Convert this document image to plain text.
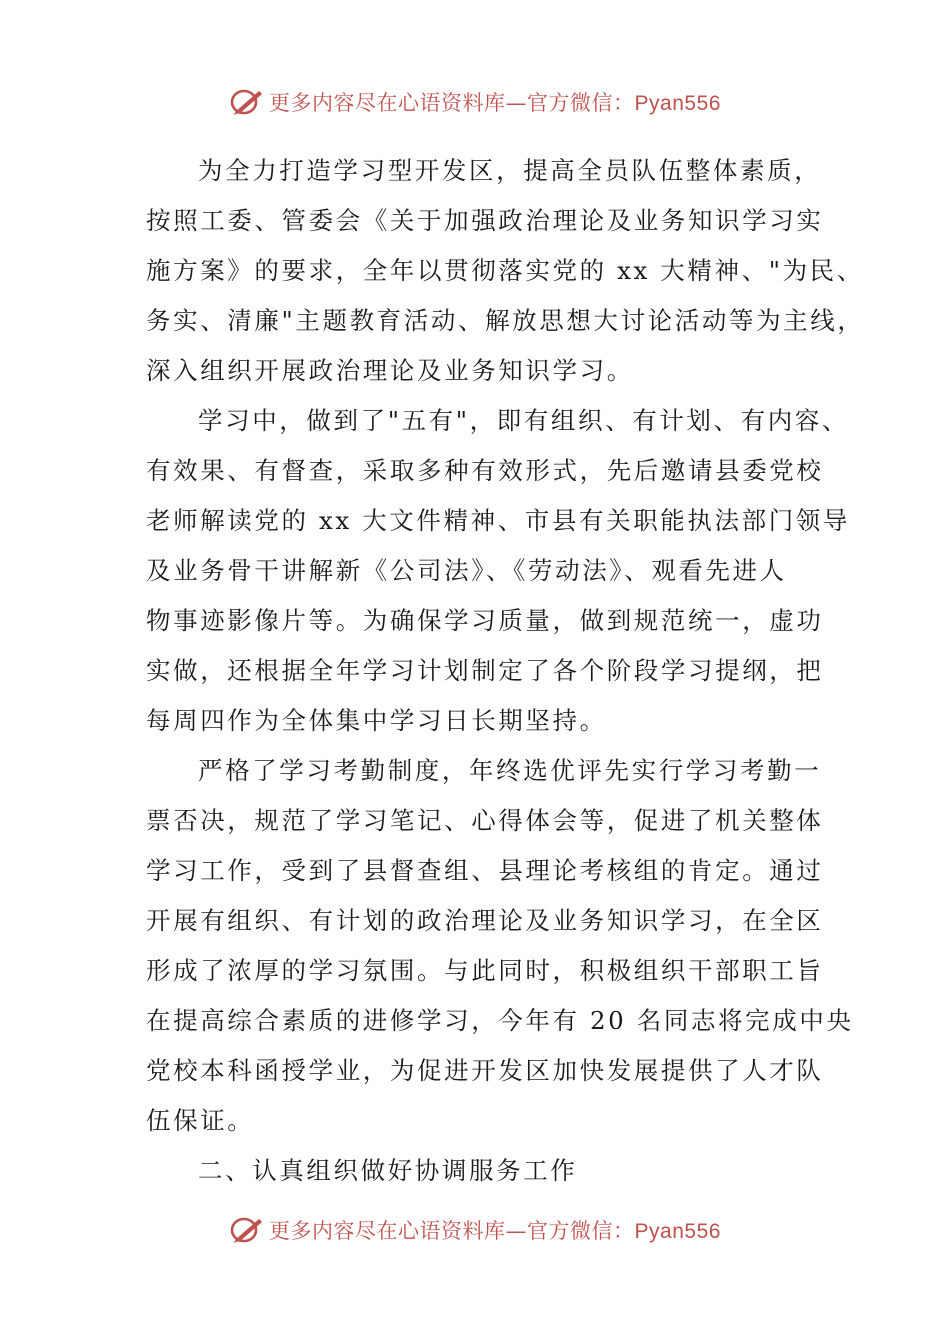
更多内容尽在心语资料库—官方微信：Pyan556

为全力打造学习型开发区，提高全员队伍整体素质，
按照工委、管委会《关于加强政治理论及业务知识学习实
施方案》的要求，全年以贯彻落实党的 xx 大精神、"为民、
务实、清廉"主题教育活动、解放思想大讨论活动等为主线，
深入组织开展政治理论及业务知识学习。

学习中，做到了"五有"，即有组织、有计划、有内容、
有效果、有督查，采取多种有效形式，先后邀请县委党校
老师解读党的 xx 大文件精神、市县有关职能执法部门领导
及业务骨干讲解新《公司法》、《劳动法》、观看先进人
物事迹影像片等。为确保学习质量，做到规范统一，虚功
实做，还根据全年学习计划制定了各个阶段学习提纲，把
每周四作为全体集中学习日长期坚持。

严格了学习考勤制度，年终选优评先实行学习考勤一
票否决，规范了学习笔记、心得体会等，促进了机关整体
学习工作，受到了县督查组、县理论考核组的肯定。通过
开展有组织、有计划的政治理论及业务知识学习，在全区
形成了浓厚的学习氛围。与此同时，积极组织干部职工旨
在提高综合素质的进修学习，今年有 20 名同志将完成中央
党校本科函授学业，为促进开发区加快发展提供了人才队
伍保证。

二、认真组织做好协调服务工作

更多内容尽在心语资料库—官方微信：Pyan556
